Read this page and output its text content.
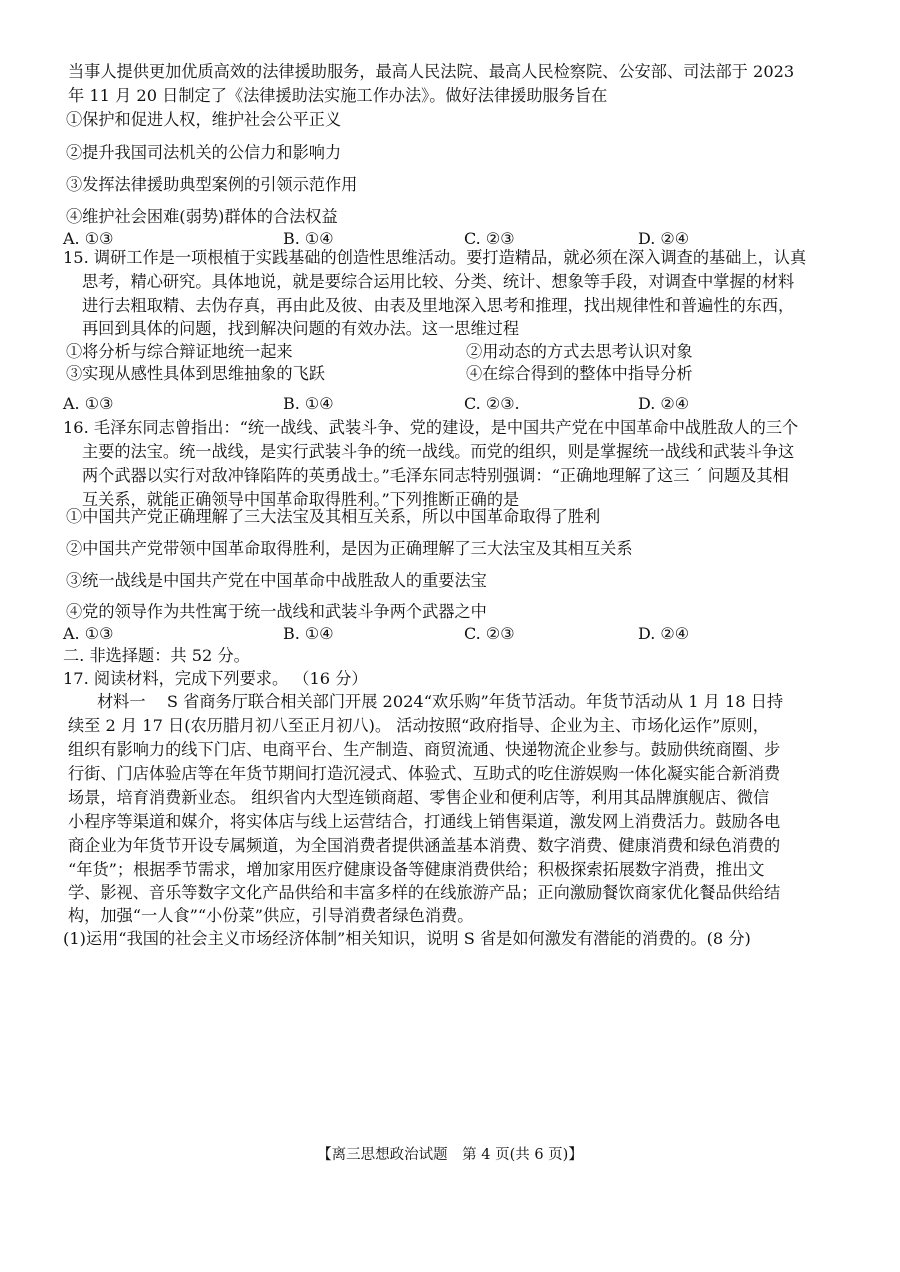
当事人提供更加优质高效的法律援助服务，最高人民法院、最高人民检察院、公安部、司法部于 2023
年 11 月 20 日制定了《法律援助法实施工作办法》。做好法律援助服务旨在
①保护和促进人权，维护社会公平正义
②提升我国司法机关的公信力和影响力
③发挥法律援助典型案例的引领示范作用
④维护社会困难(弱势)群体的合法权益
A. ①③	B. ①④	C. ②③	D. ②④
15. 调研工作是一项根植于实践基础的创造性思维活动。要打造精品，就必须在深入调查的基础上，认真
思考，精心研究。具体地说，就是要综合运用比较、分类、统计、想象等手段，对调查中掌握的材料
进行去粗取精、去伪存真，再由此及彼、由表及里地深入思考和推理，找出规律性和普遍性的东西，
再回到具体的问题，找到解决问题的有效办法。这一思维过程
①将分析与综合辩证地统一起来	②用动态的方式去思考认识对象
③实现从感性具体到思维抽象的飞跃	④在综合得到的整体中指导分析
A. ①③	B. ①④	C. ②③.	D. ②④
16. 毛泽东同志曾指出：“统一战线、武装斗争、党的建设，是中国共产党在中国革命中战胜敌人的三个
主要的法宝。统一战线，是实行武装斗争的统一战线。而党的组织，则是掌握统一战线和武装斗争这
两个武器以实行对敌冲锋陷阵的英勇战士。”毛泽东同志特别强调：“正确地理解了这三 ´ 问题及其相
互关系，就能正确领导中国革命取得胜利。”下列推断正确的是
①中国共产党正确理解了三大法宝及其相互关系，所以中国革命取得了胜利
②中国共产党带领中国革命取得胜利，是因为正确理解了三大法宝及其相互关系
③统一战线是中国共产党在中国革命中战胜敌人的重要法宝
④党的领导作为共性寓于统一战线和武装斗争两个武器之中
A. ①③	B. ①④	C. ②③	D. ②④
二. 非选择题：共 52 分。
17. 阅读材料，完成下列要求。 （16 分）
材料一　 S 省商务厅联合相关部门开展 2024“欢乐购”年货节活动。年货节活动从 1 月 18 日持
续至 2 月 17 日(农历腊月初八至正月初八)。 活动按照“政府指导、企业为主、市场化运作”原则，
组织有影响力的线下门店、电商平台、生产制造、商贸流通、快递物流企业参与。鼓励供统商圈、步
行街、门店体验店等在年货节期间打造沉浸式、体验式、互助式的吃住游娱购一体化凝实能合新消费
场景，培育消费新业态。 组织省内大型连锁商超、零售企业和便利店等，利用其品牌旗舰店、微信
小程序等渠道和媒介，将实体店与线上运营结合，打通线上销售渠道，激发网上消费活力。鼓励各电
商企业为年货节开设专属频道，为全国消费者提供涵盖基本消费、数字消费、健康消费和绿色消费的
“年货”；根据季节需求，增加家用医疗健康设备等健康消费供给；积极探索拓展数字消费，推出文
学、影视、音乐等数字文化产品供给和丰富多样的在线旅游产品；正向激励餐饮商家优化餐品供给结
构，加强“一人食”“小份菜”供应，引导消费者绿色消费。
(1)运用“我国的社会主义市场经济体制”相关知识，说明 S 省是如何激发有潜能的消费的。(8 分)
【离三思想政治试题　第 4 页(共 6 页)】
